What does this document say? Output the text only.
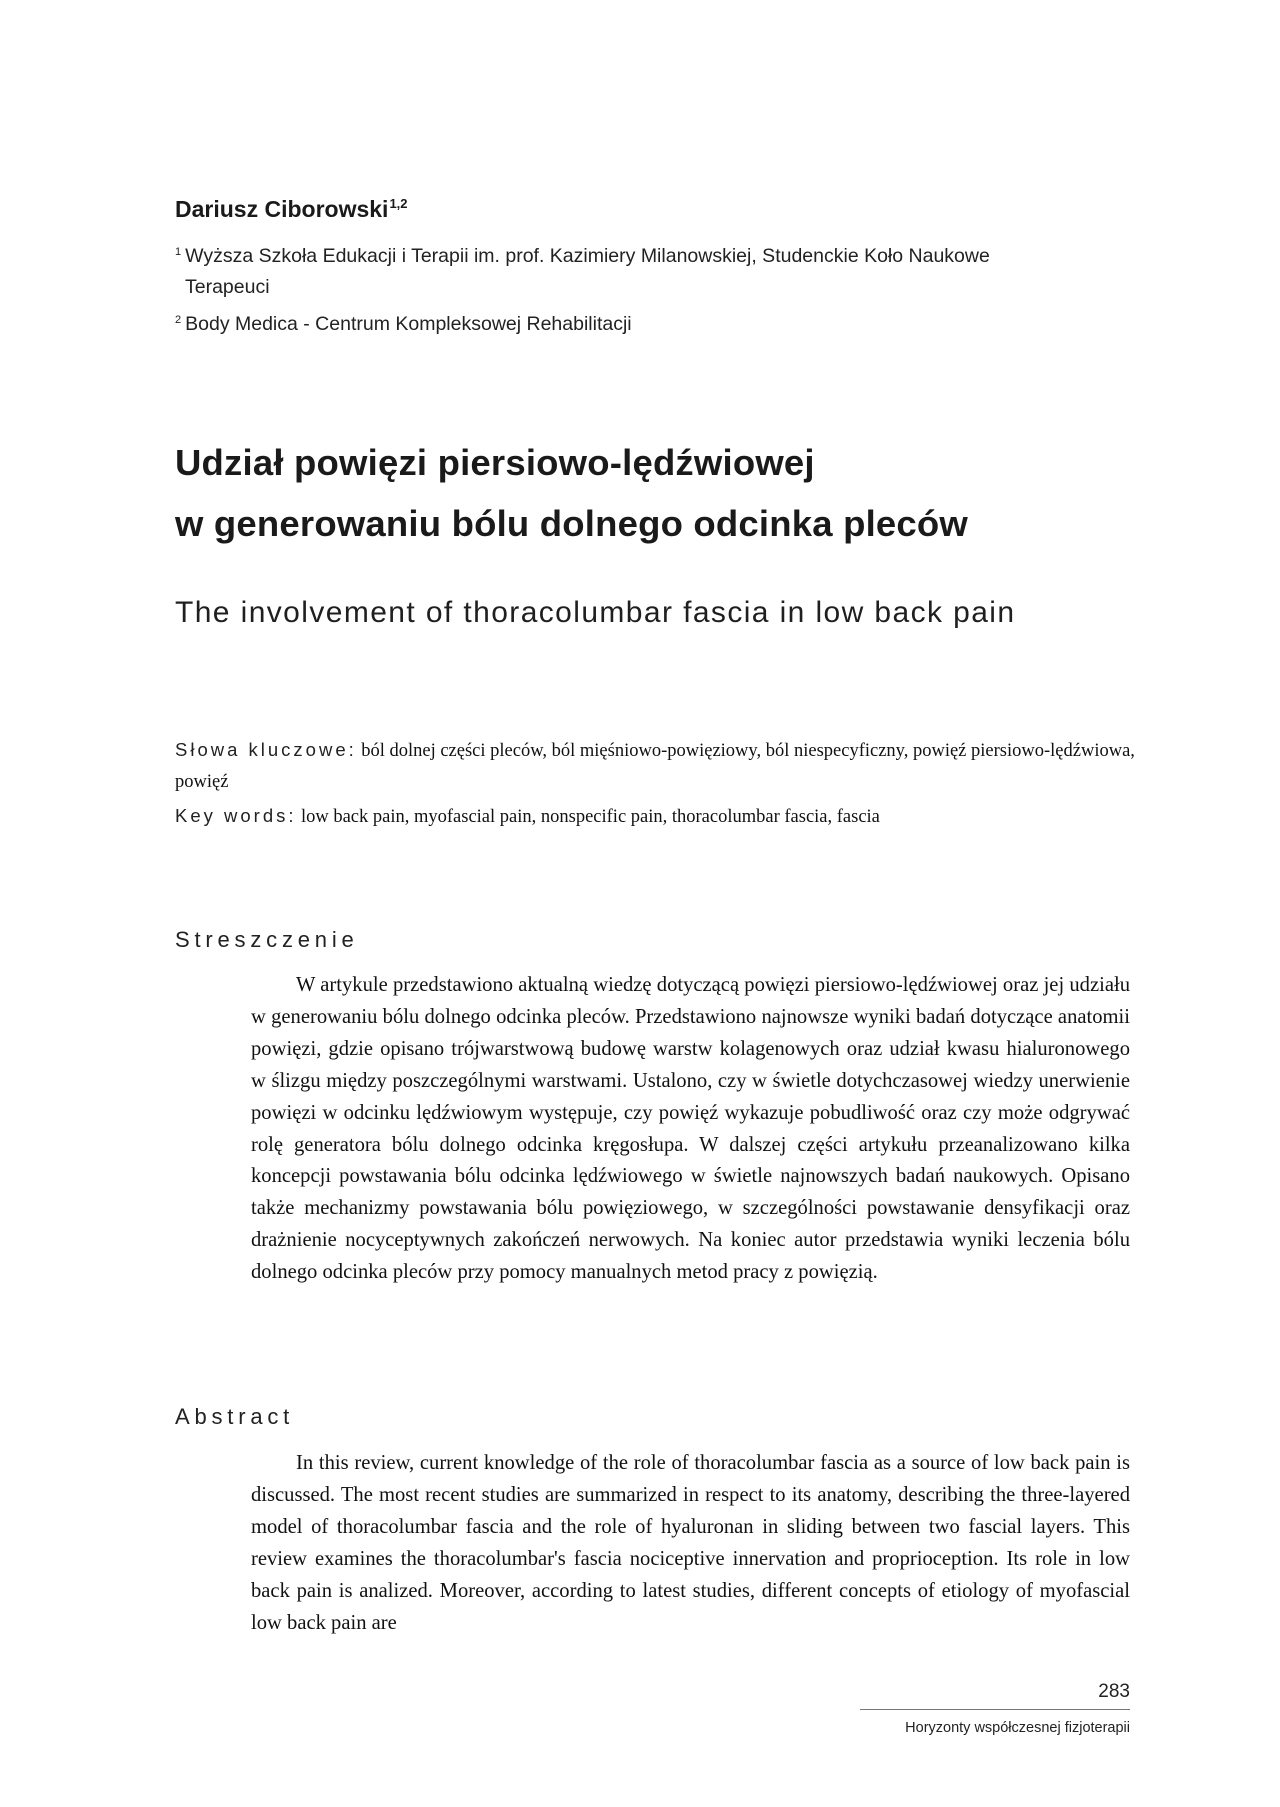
Dariusz Ciborowski$^{1,2}$
$^1$ Wyższa Szkoła Edukacji i Terapii im. prof. Kazimiery Milanowskiej, Studenckie Koło Naukowe
Terapeuci
$^2$ Body Medica - Centrum Kompleksowej Rehabilitacji
Udział powięzi piersiowo-lędźwiowej
w generowaniu bólu dolnego odcinka pleców
The involvement of thoracolumbar fascia in low back pain
Słowa kluczowe: ból dolnej części pleców, ból mięśniowo-powięziowy, ból niespecyficzny, powięź piersiowo-lędźwiowa, powięź
Key words: low back pain, myofascial pain, nonspecific pain, thoracolumbar fascia, fascia
Streszczenie

W artykule przedstawiono aktualną wiedzę dotyczącą powięzi piersiowo-lędźwiowej oraz jej udziału w generowaniu bólu dolnego odcinka pleców. Przedstawiono najnowsze wyniki badań dotyczące anatomii powięzi, gdzie opisano trójwarstwową budowę warstw kolagenowych oraz udział kwasu hialuronowego w ślizgu między poszczególnymi warstwami. Ustalono, czy w świetle dotychczasowej wiedzy unerwienie powięzi w odcinku lędźwiowym występuje, czy powięź wykazuje pobudliwość oraz czy może odgrywać rolę generatora bólu dolnego odcinka kręgosłupa. W dalszej części artykułu przeanalizowano kilka koncepcji powstawania bólu odcinka lędźwiowego w świetle najnowszych badań naukowych. Opisano także mechanizmy powstawania bólu powięziowego, w szczególności powstawanie densyfikacji oraz drażnienie nocyceptywnych zakończeń nerwowych. Na koniec autor przedstawia wyniki leczenia bólu dolnego odcinka pleców przy pomocy manualnych metod pracy z powięzią.

Abstract

In this review, current knowledge of the role of thoracolumbar fascia as a source of low back pain is discussed. The most recent studies are summarized in respect to its anatomy, describing the three-layered model of thoracolumbar fascia and the role of hyaluronan in sliding between two fascial layers. This review examines the thoracolumbar's fascia nociceptive innervation and proprioception. Its role in low back pain is analized. Moreover, according to latest studies, different concepts of etiology of myofascial low back pain are

283
Horyzonty współczesnej fizjoterapii
